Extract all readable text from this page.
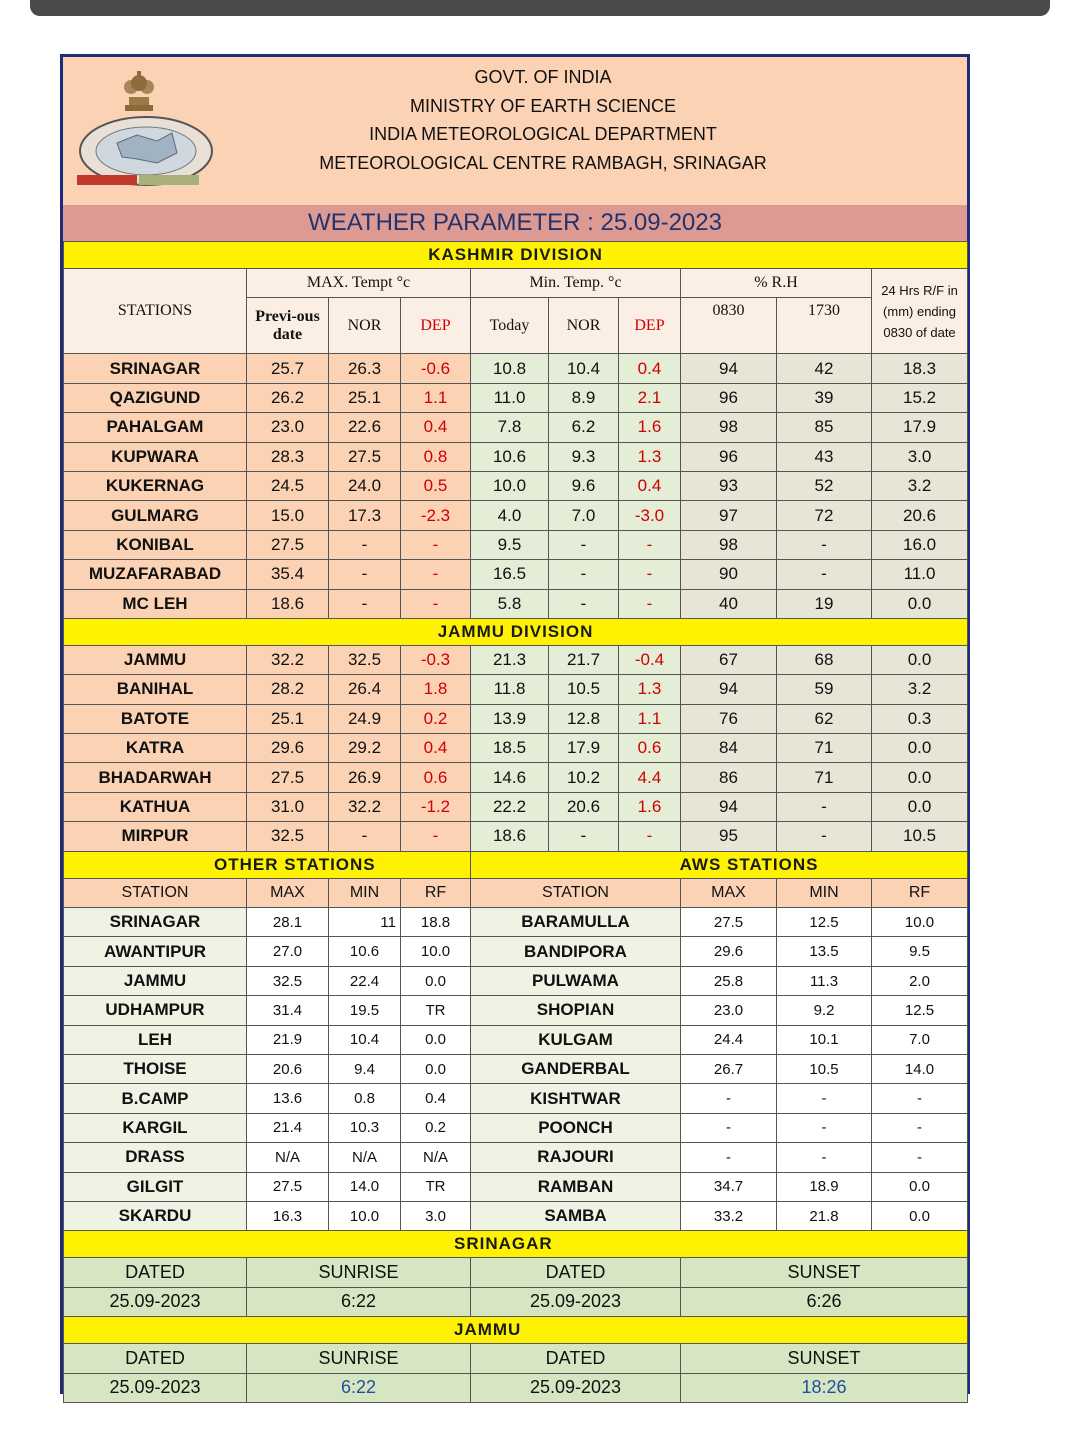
GOVT. OF INDIA
MINISTRY OF EARTH SCIENCE
INDIA METEOROLOGICAL DEPARTMENT
METEOROLOGICAL CENTRE RAMBAGH, SRINAGAR
WEATHER PARAMETER : 25.09-2023
KASHMIR DIVISION									
STATIONS	MAX. Tempt °c			Min. Temp. °c			% R.H		24 Hrs R/F in (mm) ending 0830 of date
	Previ-ous date	NOR	DEP	Today	NOR	DEP	0830	1730	
SRINAGAR	25.7	26.3	-0.6	10.8	10.4	0.4	94	42	18.3
QAZIGUND	26.2	25.1	1.1	11.0	8.9	2.1	96	39	15.2
PAHALGAM	23.0	22.6	0.4	7.8	6.2	1.6	98	85	17.9
KUPWARA	28.3	27.5	0.8	10.6	9.3	1.3	96	43	3.0
KUKERNAG	24.5	24.0	0.5	10.0	9.6	0.4	93	52	3.2
GULMARG	15.0	17.3	-2.3	4.0	7.0	-3.0	97	72	20.6
KONIBAL	27.5	-	-	9.5	-	-	98	-	16.0
MUZAFARABAD	35.4	-	-	16.5	-	-	90	-	11.0
MC LEH	18.6	-	-	5.8	-	-	40	19	0.0
JAMMU DIVISION									
JAMMU	32.2	32.5	-0.3	21.3	21.7	-0.4	67	68	0.0
BANIHAL	28.2	26.4	1.8	11.8	10.5	1.3	94	59	3.2
BATOTE	25.1	24.9	0.2	13.9	12.8	1.1	76	62	0.3
KATRA	29.6	29.2	0.4	18.5	17.9	0.6	84	71	0.0
BHADARWAH	27.5	26.9	0.6	14.6	10.2	4.4	86	71	0.0
KATHUA	31.0	32.2	-1.2	22.2	20.6	1.6	94	-	0.0
MIRPUR	32.5	-	-	18.6	-	-	95	-	10.5
OTHER STATIONS				AWS STATIONS					
STATION	MAX	MIN	RF	STATION			MAX	MIN	RF
SRINAGAR	28.1	11	18.8	BARAMULLA			27.5	12.5	10.0
AWANTIPUR	27.0	10.6	10.0	BANDIPORA			29.6	13.5	9.5
JAMMU	32.5	22.4	0.0	PULWAMA			25.8	11.3	2.0
UDHAMPUR	31.4	19.5	TR	SHOPIAN			23.0	9.2	12.5
LEH	21.9	10.4	0.0	KULGAM			24.4	10.1	7.0
THOISE	20.6	9.4	0.0	GANDERBAL			26.7	10.5	14.0
B.CAMP	13.6	0.8	0.4	KISHTWAR			-	-	-
KARGIL	21.4	10.3	0.2	POONCH			-	-	-
DRASS	N/A	N/A	N/A	RAJOURI			-	-	-
GILGIT	27.5	14.0	TR	RAMBAN			34.7	18.9	0.0
SKARDU	16.3	10.0	3.0	SAMBA			33.2	21.8	0.0
SRINAGAR									
DATED	SUNRISE			DATED			SUNSET		
25.09-2023	6:22			25.09-2023			6:26		
JAMMU									
DATED	SUNRISE			DATED			SUNSET		
25.09-2023	6:22			25.09-2023			18:26		
